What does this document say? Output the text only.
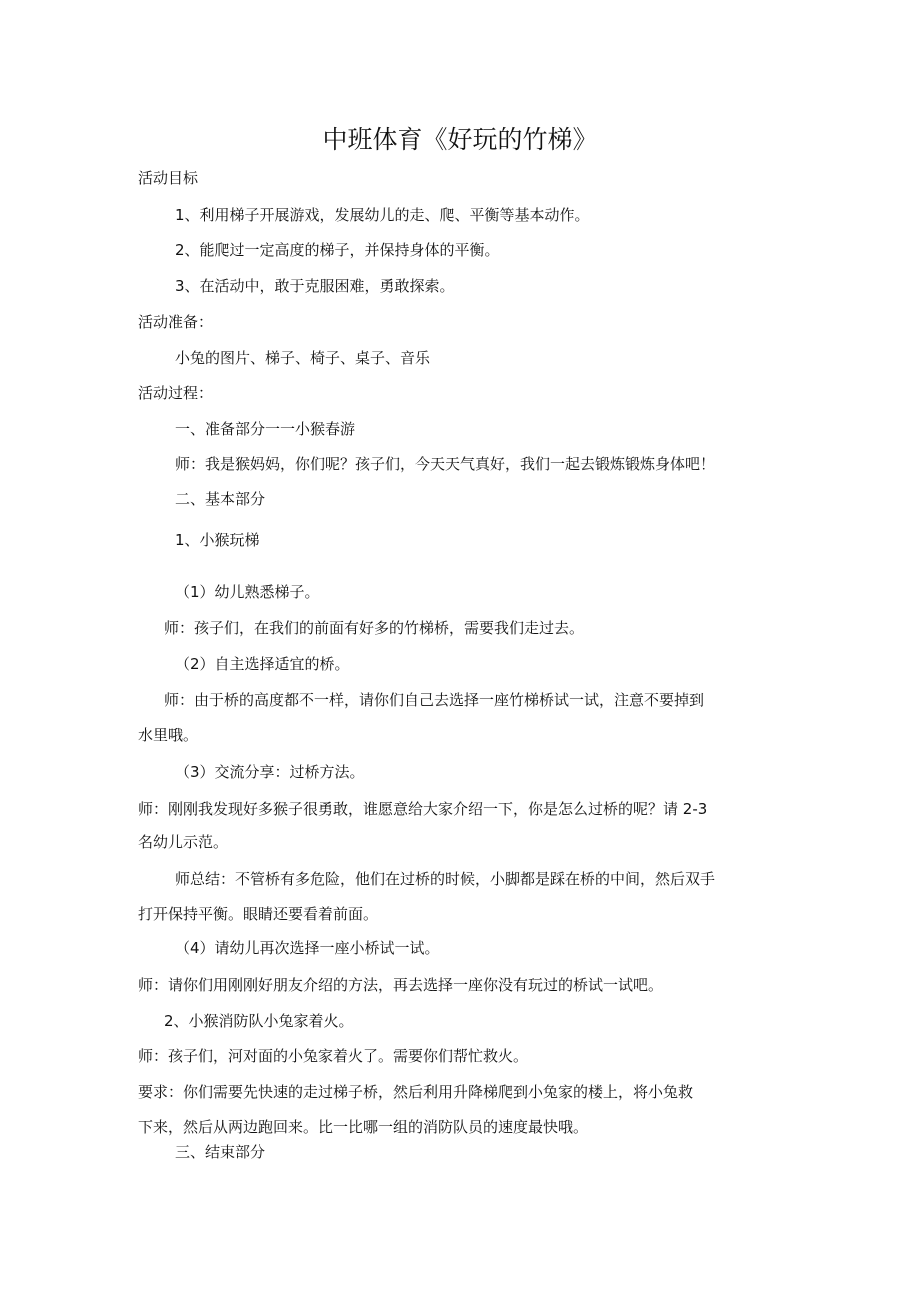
中班体育《好玩的竹梯》
活动目标
1、利用梯子开展游戏，发展幼儿的走、爬、平衡等基本动作。
2、能爬过一定高度的梯子，并保持身体的平衡。
3、在活动中，敢于克服困难，勇敢探索。
活动准备：
小兔的图片、梯子、椅子、桌子、音乐
活动过程：
一、准备部分一一小猴春游
师：我是猴妈妈，你们呢？孩子们，今天天气真好，我们一起去锻炼锻炼身体吧！
二、基本部分
1、小猴玩梯
（1）幼儿熟悉梯子。
师：孩子们，在我们的前面有好多的竹梯桥，需要我们走过去。
（2）自主选择适宜的桥。
师：由于桥的高度都不一样，请你们自己去选择一座竹梯桥试一试，注意不要掉到
水里哦。
（3）交流分享：过桥方法。
师：刚刚我发现好多猴子很勇敢，谁愿意给大家介绍一下，你是怎么过桥的呢？请 2-3
名幼儿示范。
师总结：不管桥有多危险，他们在过桥的时候，小脚都是踩在桥的中间，然后双手
打开保持平衡。眼睛还要看着前面。
（4）请幼儿再次选择一座小桥试一试。
师：请你们用刚刚好朋友介绍的方法，再去选择一座你没有玩过的桥试一试吧。
2、小猴消防队小兔家着火。
师：孩子们，河对面的小兔家着火了。需要你们帮忙救火。
要求：你们需要先快速的走过梯子桥，然后利用升降梯爬到小兔家的楼上，将小兔救
下来，然后从两边跑回来。比一比哪一组的消防队员的速度最快哦。
三、结束部分
